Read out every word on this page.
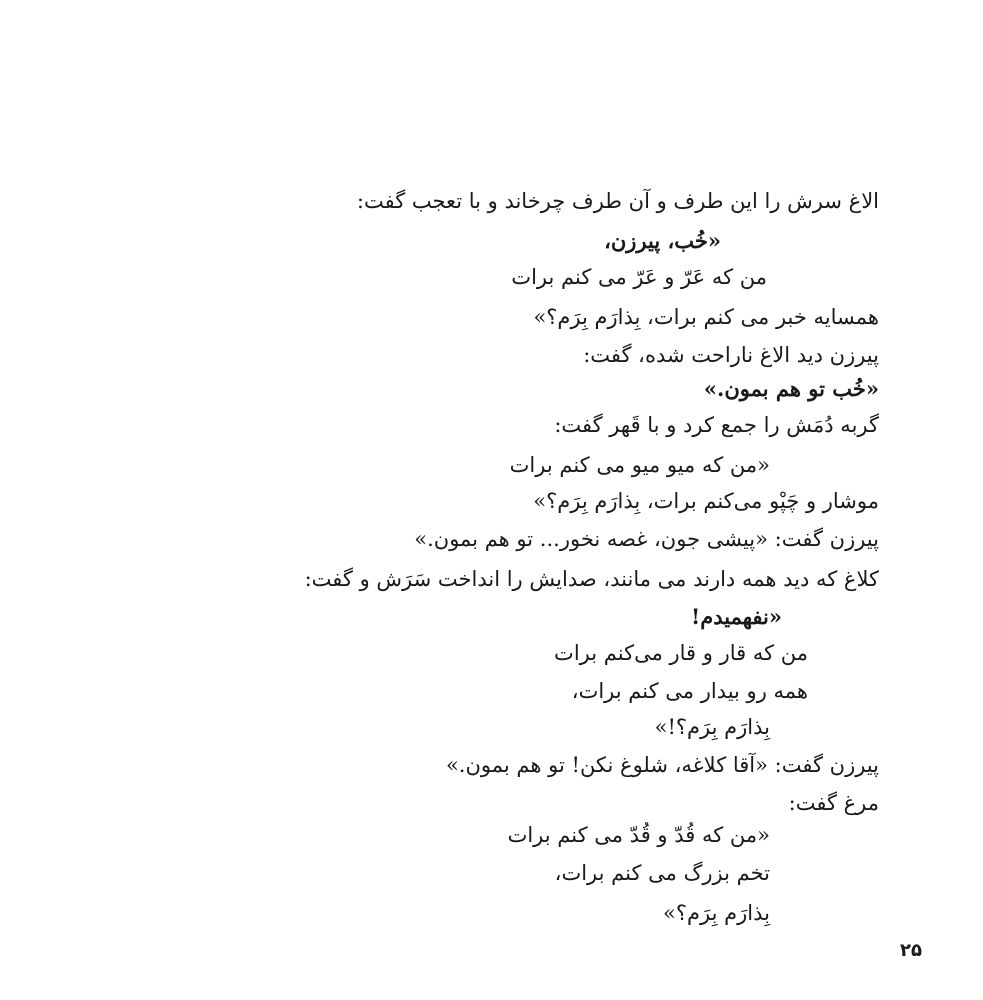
الاغ سرش را این طرف و آن طرف چرخاند و با تعجب گفت:
«خُب، پیرزن،
من که عَرّ و عَرّ می کنم برات
همسایه خبر می کنم برات، بِذارَم بِرَم؟»
پیرزن دید الاغ ناراحت شده، گفت:
«خُب تو هم بمون.»
گربه دُمَش را جمع کرد و با قَهر گفت:
«من که میو میو می کنم برات
موشار و چَپْو می‌کنم برات، بِذارَم بِرَم؟»
پیرزن گفت: «پیشی جون، غصه نخور... تو هم بمون.»
کلاغ که دید همه دارند می مانند، صدایش را انداخت سَرَش و گفت:
«نفهمیدم!
من که قار و قار می‌کنم برات
همه رو بیدار می کنم برات،
بِذارَم بِرَم؟!»
پیرزن گفت: «آقا کلاغه، شلوغ نکن! تو هم بمون.»
مرغ گفت:
«من که قُدّ و قُدّ می کنم برات
تخم بزرگ می کنم برات،
بِذارَم بِرَم؟»
۲۵
